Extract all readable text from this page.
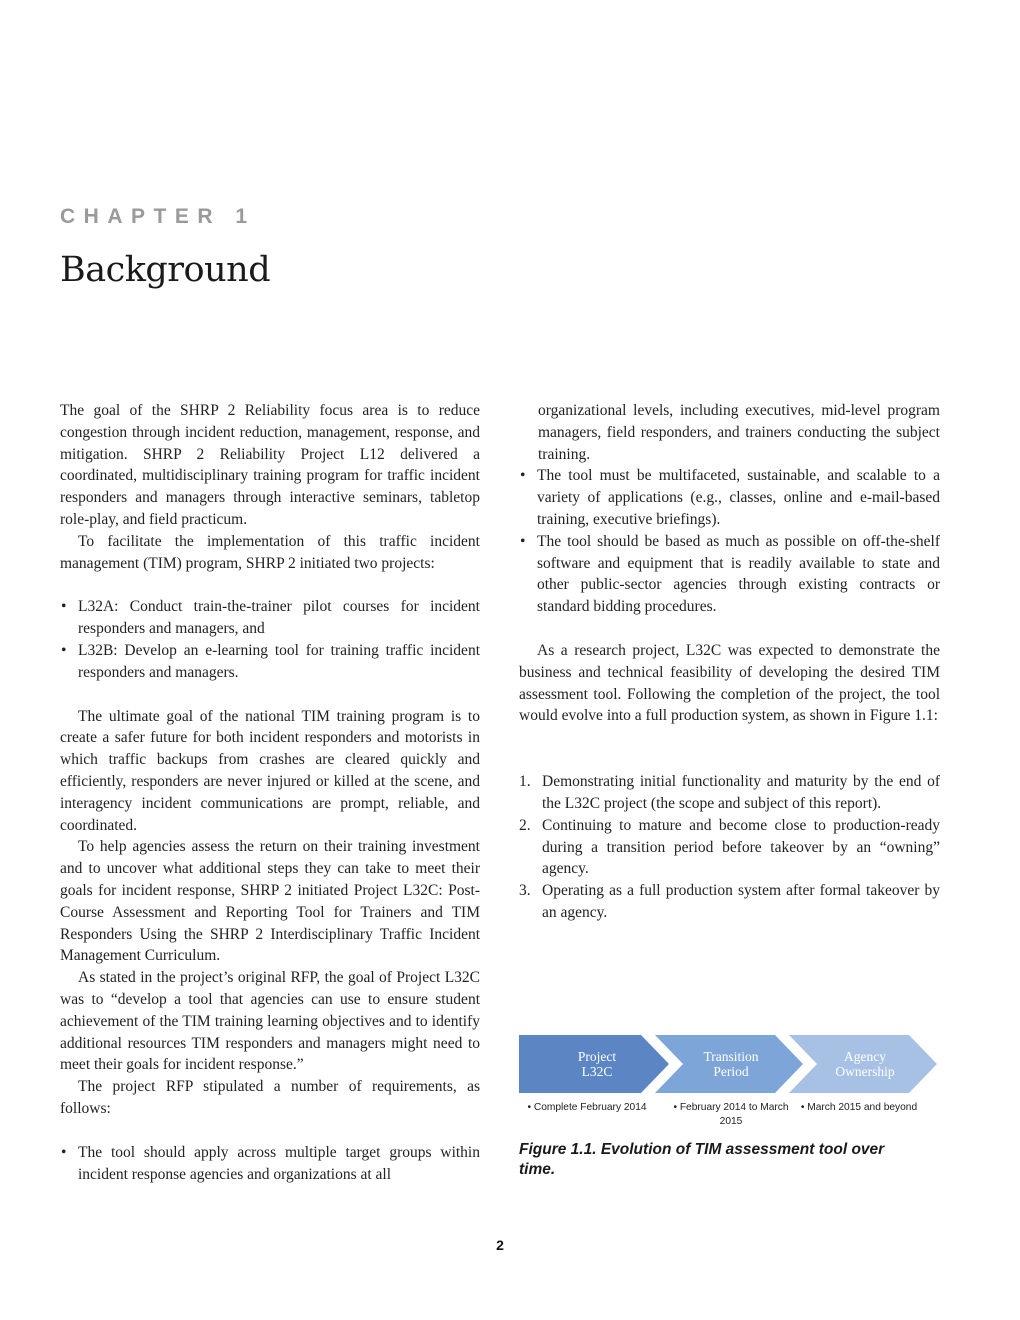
CHAPTER 1
Background

The goal of the SHRP 2 Reliability focus area is to reduce congestion through incident reduction, management, response, and mitigation. SHRP 2 Reliability Project L12 delivered a coordinated, multidisciplinary training program for traffic incident responders and managers through interactive seminars, tabletop role-play, and field practicum.

To facilitate the implementation of this traffic incident management (TIM) program, SHRP 2 initiated two projects:

• L32A: Conduct train-the-trainer pilot courses for incident responders and managers, and
• L32B: Develop an e-learning tool for training traffic incident responders and managers.

The ultimate goal of the national TIM training program is to create a safer future for both incident responders and motorists in which traffic backups from crashes are cleared quickly and efficiently, responders are never injured or killed at the scene, and interagency incident communications are prompt, reliable, and coordinated.

To help agencies assess the return on their training investment and to uncover what additional steps they can take to meet their goals for incident response, SHRP 2 initiated Project L32C: Post-Course Assessment and Reporting Tool for Trainers and TIM Responders Using the SHRP 2 Interdisciplinary Traffic Incident Management Curriculum.

As stated in the project’s original RFP, the goal of Project L32C was to “develop a tool that agencies can use to ensure student achievement of the TIM training learning objectives and to identify additional resources TIM responders and managers might need to meet their goals for incident response.”

The project RFP stipulated a number of requirements, as follows:

• The tool should apply across multiple target groups within incident response agencies and organizations at all

organizational levels, including executives, mid-level program managers, field responders, and trainers conducting the subject training.

• The tool must be multifaceted, sustainable, and scalable to a variety of applications (e.g., classes, online and e-mail-based training, executive briefings).
• The tool should be based as much as possible on off-the-shelf software and equipment that is readily available to state and other public-sector agencies through existing contracts or standard bidding procedures.

As a research project, L32C was expected to demonstrate the business and technical feasibility of developing the desired TIM assessment tool. Following the completion of the project, the tool would evolve into a full production system, as shown in Figure 1.1:

1. Demonstrating initial functionality and maturity by the end of the L32C project (the scope and subject of this report).
2. Continuing to mature and become close to production-ready during a transition period before takeover by an “owning” agency.
3. Operating as a full production system after formal takeover by an agency.
Project
L32C
Transition
Period
Agency
Ownership
• Complete February 2014	• February 2014 to March 2015
• March 2015 and beyond
Figure 1.1. Evolution of TIM assessment tool over time.
2
